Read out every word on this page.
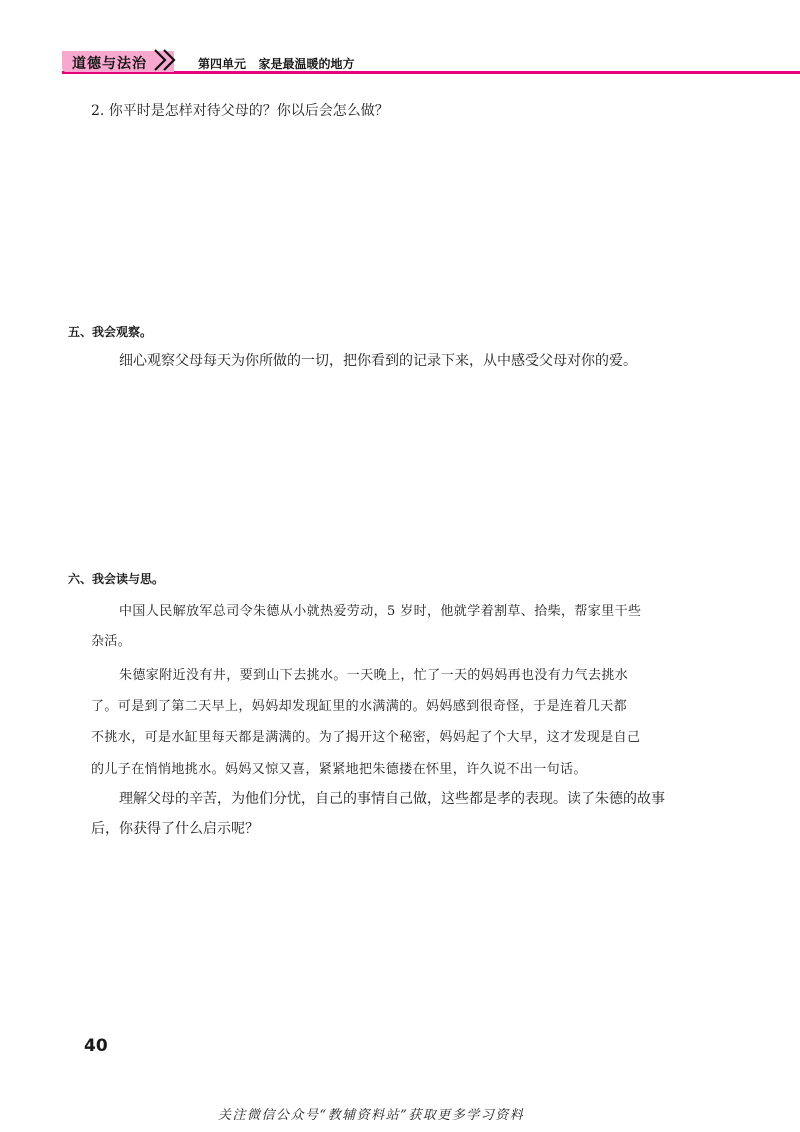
道德与法治	第四单元   家是最温暖的地方
2. 你平时是怎样对待父母的？你以后会怎么做？
五、我会观察。
细心观察父母每天为你所做的一切，把你看到的记录下来，从中感受父母对你的爱。
六、我会读与思。
中国人民解放军总司令朱德从小就热爱劳动，5 岁时，他就学着割草、拾柴，帮家里干些
杂活。
朱德家附近没有井，要到山下去挑水。一天晚上，忙了一天的妈妈再也没有力气去挑水
了。可是到了第二天早上，妈妈却发现缸里的水满满的。妈妈感到很奇怪，于是连着几天都
不挑水，可是水缸里每天都是满满的。为了揭开这个秘密，妈妈起了个大早，这才发现是自己
的儿子在悄悄地挑水。妈妈又惊又喜，紧紧地把朱德搂在怀里，许久说不出一句话。
理解父母的辛苦，为他们分忧，自己的事情自己做，这些都是孝的表现。读了朱德的故事
后，你获得了什么启示呢？
40
关注微信公众号“教辅资料站”获取更多学习资料
